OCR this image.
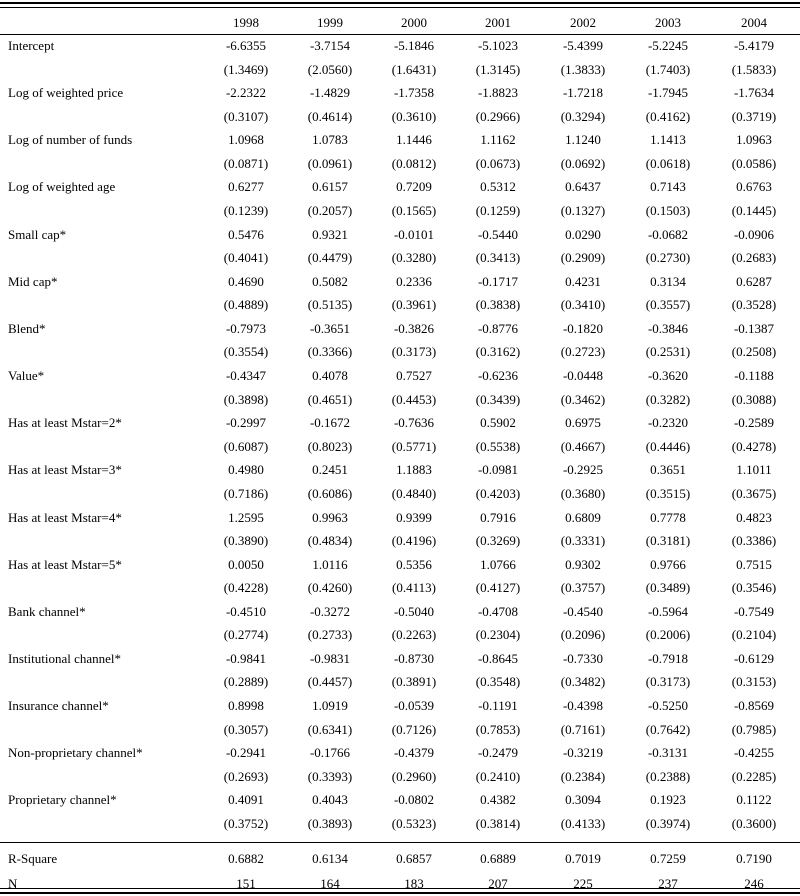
1998	1999	2000	2001	2002	2003	2004
Intercept	-6.6355	-3.7154	-5.1846	-5.1023	-5.4399	-5.2245	-5.4179
(1.3469)	(2.0560)	(1.6431)	(1.3145)	(1.3833)	(1.7403)	(1.5833)
Log of weighted price	-2.2322	-1.4829	-1.7358	-1.8823	-1.7218	-1.7945	-1.7634
(0.3107)	(0.4614)	(0.3610)	(0.2966)	(0.3294)	(0.4162)	(0.3719)
Log of number of funds	1.0968	1.0783	1.1446	1.1162	1.1240	1.1413	1.0963
(0.0871)	(0.0961)	(0.0812)	(0.0673)	(0.0692)	(0.0618)	(0.0586)
Log of weighted age	0.6277	0.6157	0.7209	0.5312	0.6437	0.7143	0.6763
(0.1239)	(0.2057)	(0.1565)	(0.1259)	(0.1327)	(0.1503)	(0.1445)
Small cap*	0.5476	0.9321	-0.0101	-0.5440	0.0290	-0.0682	-0.0906
(0.4041)	(0.4479)	(0.3280)	(0.3413)	(0.2909)	(0.2730)	(0.2683)
Mid cap*	0.4690	0.5082	0.2336	-0.1717	0.4231	0.3134	0.6287
(0.4889)	(0.5135)	(0.3961)	(0.3838)	(0.3410)	(0.3557)	(0.3528)
Blend*	-0.7973	-0.3651	-0.3826	-0.8776	-0.1820	-0.3846	-0.1387
(0.3554)	(0.3366)	(0.3173)	(0.3162)	(0.2723)	(0.2531)	(0.2508)
Value*	-0.4347	0.4078	0.7527	-0.6236	-0.0448	-0.3620	-0.1188
(0.3898)	(0.4651)	(0.4453)	(0.3439)	(0.3462)	(0.3282)	(0.3088)
Has at least Mstar=2*	-0.2997	-0.1672	-0.7636	0.5902	0.6975	-0.2320	-0.2589
(0.6087)	(0.8023)	(0.5771)	(0.5538)	(0.4667)	(0.4446)	(0.4278)
Has at least Mstar=3*	0.4980	0.2451	1.1883	-0.0981	-0.2925	0.3651	1.1011
(0.7186)	(0.6086)	(0.4840)	(0.4203)	(0.3680)	(0.3515)	(0.3675)
Has at least Mstar=4*	1.2595	0.9963	0.9399	0.7916	0.6809	0.7778	0.4823
(0.3890)	(0.4834)	(0.4196)	(0.3269)	(0.3331)	(0.3181)	(0.3386)
Has at least Mstar=5*	0.0050	1.0116	0.5356	1.0766	0.9302	0.9766	0.7515
(0.4228)	(0.4260)	(0.4113)	(0.4127)	(0.3757)	(0.3489)	(0.3546)
Bank channel*	-0.4510	-0.3272	-0.5040	-0.4708	-0.4540	-0.5964	-0.7549
(0.2774)	(0.2733)	(0.2263)	(0.2304)	(0.2096)	(0.2006)	(0.2104)
Institutional channel*	-0.9841	-0.9831	-0.8730	-0.8645	-0.7330	-0.7918	-0.6129
(0.2889)	(0.4457)	(0.3891)	(0.3548)	(0.3482)	(0.3173)	(0.3153)
Insurance channel*	0.8998	1.0919	-0.0539	-0.1191	-0.4398	-0.5250	-0.8569
(0.3057)	(0.6341)	(0.7126)	(0.7853)	(0.7161)	(0.7642)	(0.7985)
Non-proprietary channel*	-0.2941	-0.1766	-0.4379	-0.2479	-0.3219	-0.3131	-0.4255
(0.2693)	(0.3393)	(0.2960)	(0.2410)	(0.2384)	(0.2388)	(0.2285)
Proprietary channel*	0.4091	0.4043	-0.0802	0.4382	0.3094	0.1923	0.1122
(0.3752)	(0.3893)	(0.5323)	(0.3814)	(0.4133)	(0.3974)	(0.3600)
R-Square	0.6882	0.6134	0.6857	0.6889	0.7019	0.7259	0.7190
N	151	164	183	207	225	237	246
